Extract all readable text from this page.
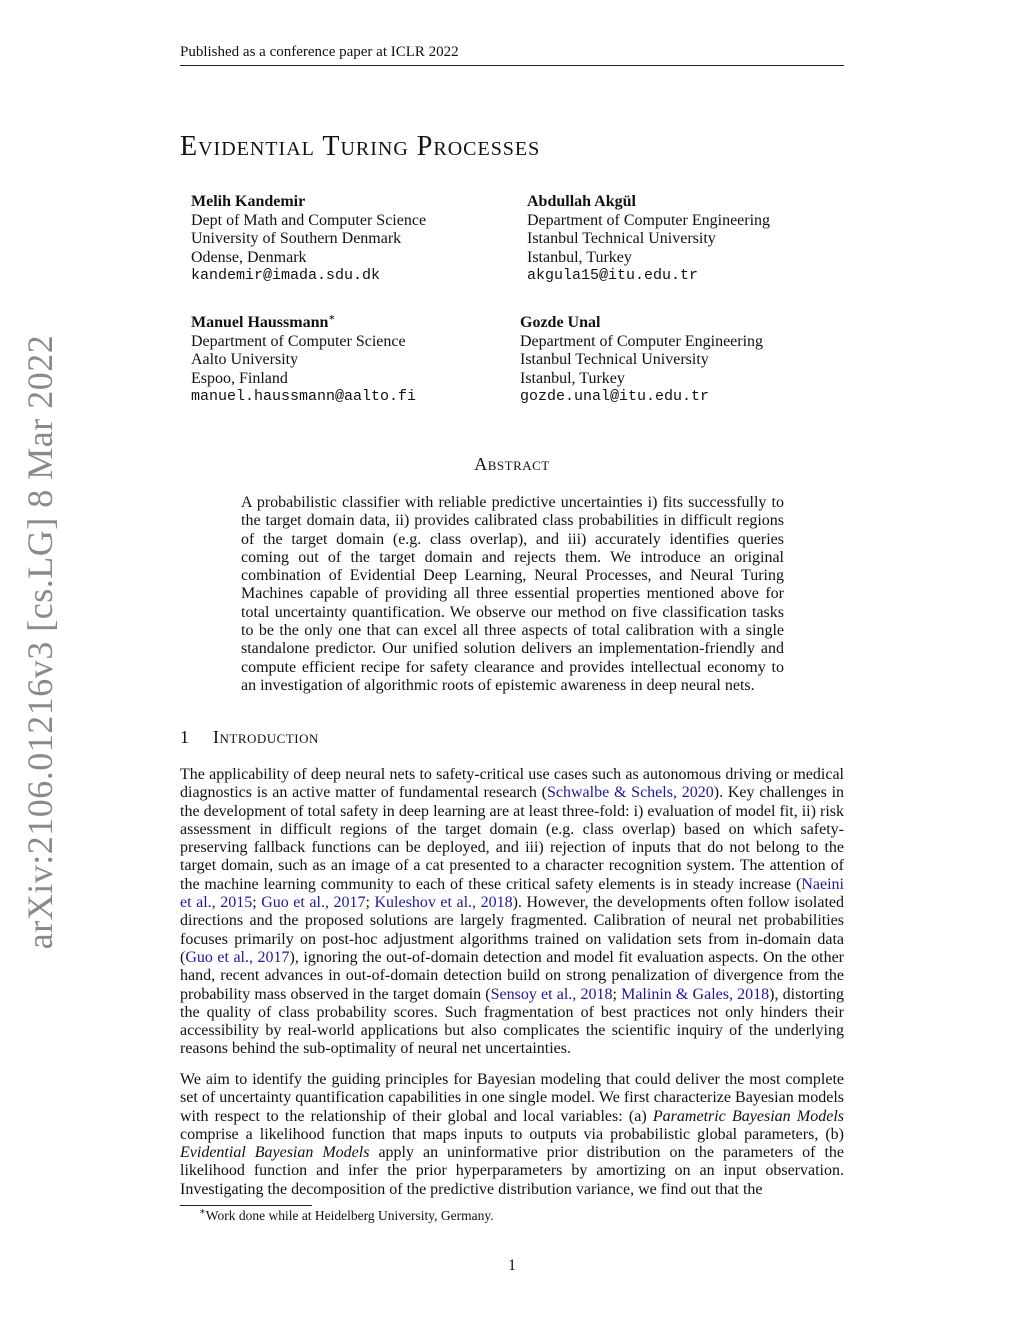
Published as a conference paper at ICLR 2022
arXiv:2106.01216v3 [cs.LG] 8 Mar 2022
Evidential Turing Processes
Melih Kandemir
Dept of Math and Computer Science
University of Southern Denmark
Odense, Denmark
kandemir@imada.sdu.dk
Abdullah Akgül
Department of Computer Engineering
Istanbul Technical University
Istanbul, Turkey
akgula15@itu.edu.tr
Manuel Haussmann∗
Department of Computer Science
Aalto University
Espoo, Finland
manuel.haussmann@aalto.fi
Gozde Unal
Department of Computer Engineering
Istanbul Technical University
Istanbul, Turkey
gozde.unal@itu.edu.tr
Abstract
A probabilistic classifier with reliable predictive uncertainties i) fits successfully to the target domain data, ii) provides calibrated class probabilities in difficult regions of the target domain (e.g. class overlap), and iii) accurately identifies queries coming out of the target domain and rejects them. We introduce an original combination of Evidential Deep Learning, Neural Processes, and Neural Turing Machines capable of providing all three essential properties mentioned above for total uncertainty quantification. We observe our method on five classification tasks to be the only one that can excel all three aspects of total calibration with a single standalone predictor. Our unified solution delivers an implementation-friendly and compute efficient recipe for safety clearance and provides intellectual economy to an investigation of algorithmic roots of epistemic awareness in deep neural nets.
1 Introduction
The applicability of deep neural nets to safety-critical use cases such as autonomous driving or medical diagnostics is an active matter of fundamental research (Schwalbe & Schels, 2020). Key challenges in the development of total safety in deep learning are at least three-fold: i) evaluation of model fit, ii) risk assessment in difficult regions of the target domain (e.g. class overlap) based on which safety-preserving fallback functions can be deployed, and iii) rejection of inputs that do not belong to the target domain, such as an image of a cat presented to a character recognition system. The attention of the machine learning community to each of these critical safety elements is in steady increase (Naeini et al., 2015; Guo et al., 2017; Kuleshov et al., 2018). However, the developments often follow isolated directions and the proposed solutions are largely fragmented. Calibration of neural net probabilities focuses primarily on post-hoc adjustment algorithms trained on validation sets from in-domain data (Guo et al., 2017), ignoring the out-of-domain detection and model fit evaluation aspects. On the other hand, recent advances in out-of-domain detection build on strong penalization of divergence from the probability mass observed in the target domain (Sensoy et al., 2018; Malinin & Gales, 2018), distorting the quality of class probability scores. Such fragmentation of best practices not only hinders their accessibility by real-world applications but also complicates the scientific inquiry of the underlying reasons behind the sub-optimality of neural net uncertainties.
We aim to identify the guiding principles for Bayesian modeling that could deliver the most complete set of uncertainty quantification capabilities in one single model. We first characterize Bayesian models with respect to the relationship of their global and local variables: (a) Parametric Bayesian Models comprise a likelihood function that maps inputs to outputs via probabilistic global parameters, (b) Evidential Bayesian Models apply an uninformative prior distribution on the parameters of the likelihood function and infer the prior hyperparameters by amortizing on an input observation. Investigating the decomposition of the predictive distribution variance, we find out that the
∗Work done while at Heidelberg University, Germany.
1
